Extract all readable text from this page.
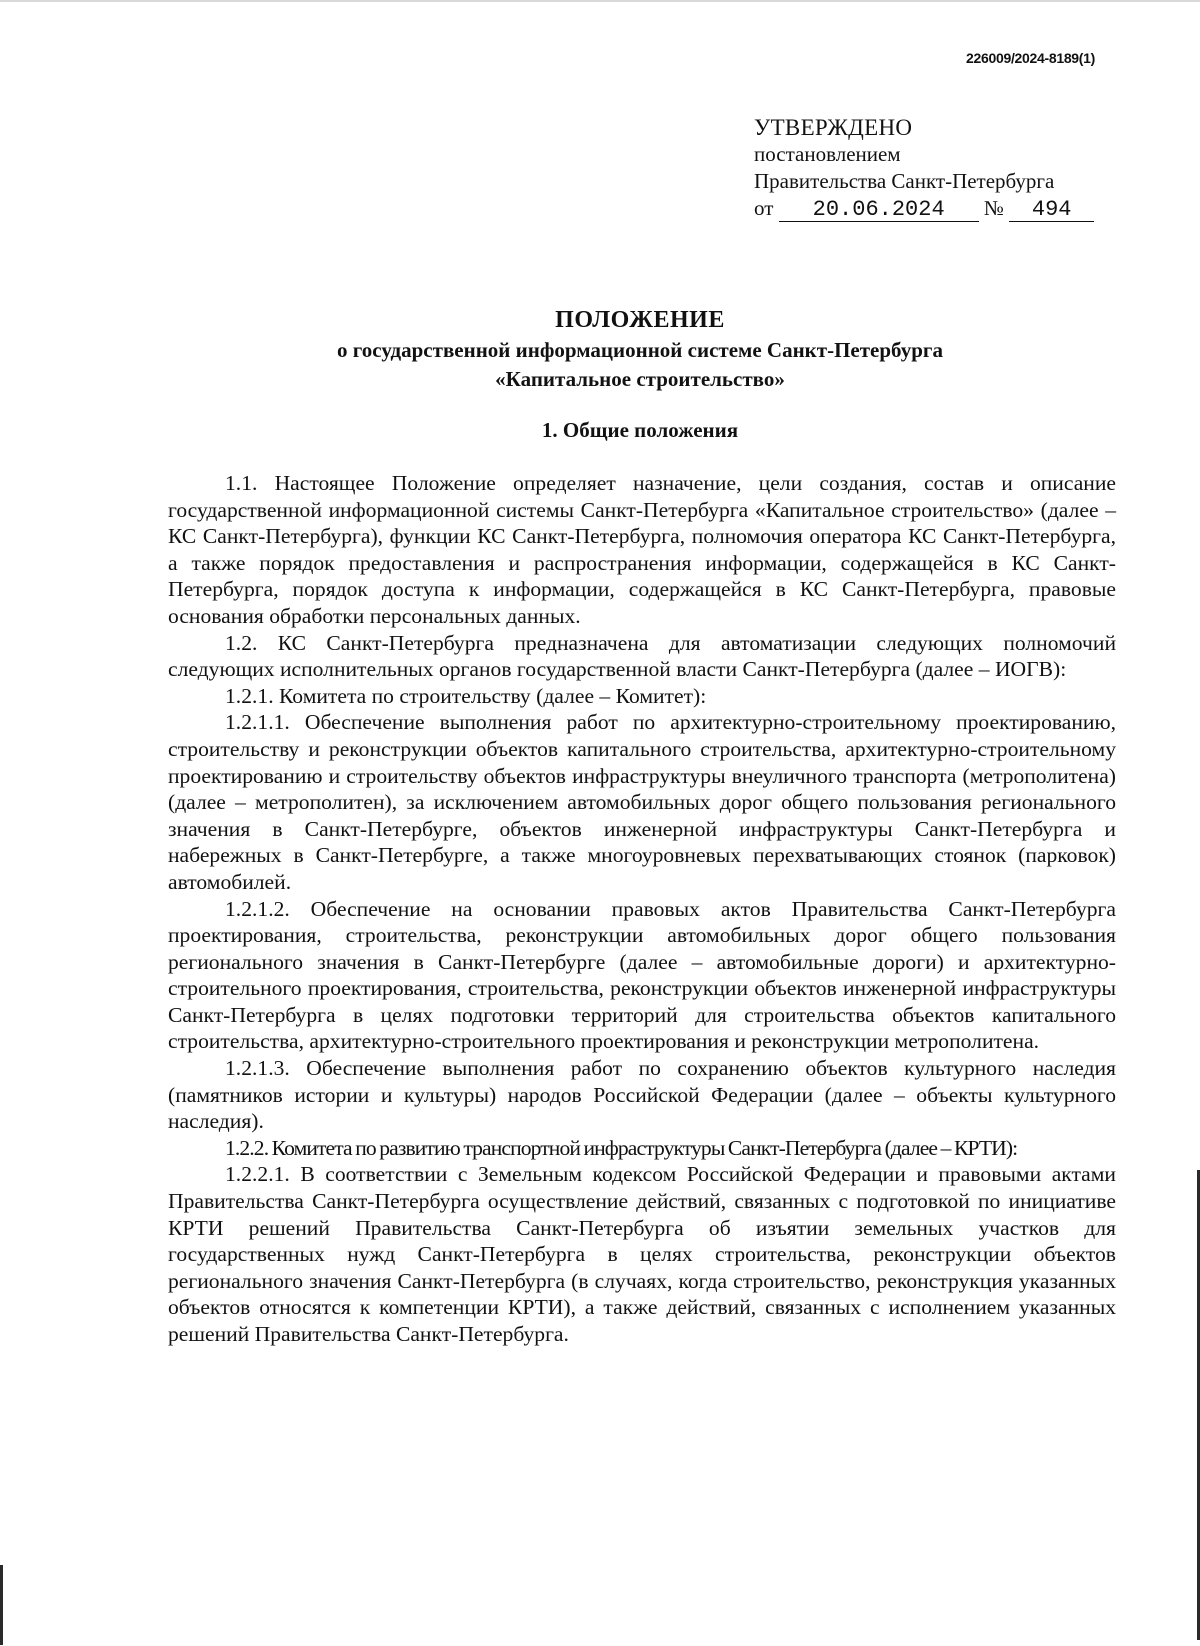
226009/2024-8189(1)
УТВЕРЖДЕНО
постановлением
Правительства Санкт-Петербурга
от 20.06.2024 № 494
ПОЛОЖЕНИЕ
о государственной информационной системе Санкт-Петербурга
«Капитальное строительство»
1. Общие положения

1.1. Настоящее Положение определяет назначение, цели создания, состав и описание государственной информационной системы Санкт-Петербурга «Капитальное строительство» (далее – КС Санкт-Петербурга), функции КС Санкт-Петербурга, полномочия оператора КС Санкт-Петербурга, а также порядок предоставления и распространения информации, содержащейся в КС Санкт-Петербурга, порядок доступа к информации, содержащейся в КС Санкт-Петербурга, правовые основания обработки персональных данных.

1.2. КС Санкт-Петербурга предназначена для автоматизации следующих полномочий следующих исполнительных органов государственной власти Санкт-Петербурга (далее – ИОГВ):

1.2.1. Комитета по строительству (далее – Комитет):

1.2.1.1. Обеспечение выполнения работ по архитектурно-строительному проектированию, строительству и реконструкции объектов капитального строительства, архитектурно-строительному проектированию и строительству объектов инфраструктуры внеуличного транспорта (метрополитена) (далее – метрополитен), за исключением автомобильных дорог общего пользования регионального значения в Санкт-Петербурге, объектов инженерной инфраструктуры Санкт-Петербурга и набережных в Санкт-Петербурге, а также многоуровневых перехватывающих стоянок (парковок) автомобилей.

1.2.1.2. Обеспечение на основании правовых актов Правительства Санкт-Петербурга проектирования, строительства, реконструкции автомобильных дорог общего пользования регионального значения в Санкт-Петербурге (далее – автомобильные дороги) и архитектурно-строительного проектирования, строительства, реконструкции объектов инженерной инфраструктуры Санкт-Петербурга в целях подготовки территорий для строительства объектов капитального строительства, архитектурно-строительного проектирования и реконструкции метрополитена.

1.2.1.3. Обеспечение выполнения работ по сохранению объектов культурного наследия (памятников истории и культуры) народов Российской Федерации (далее – объекты культурного наследия).

1.2.2. Комитета по развитию транспортной инфраструктуры Санкт-Петербурга (далее – КРТИ):

1.2.2.1. В соответствии с Земельным кодексом Российской Федерации и правовыми актами Правительства Санкт-Петербурга осуществление действий, связанных с подготовкой по инициативе КРТИ решений Правительства Санкт-Петербурга об изъятии земельных участков для государственных нужд Санкт-Петербурга в целях строительства, реконструкции объектов регионального значения Санкт-Петербурга (в случаях, когда строительство, реконструкция указанных объектов относятся к компетенции КРТИ), а также действий, связанных с исполнением указанных решений Правительства Санкт-Петербурга.
